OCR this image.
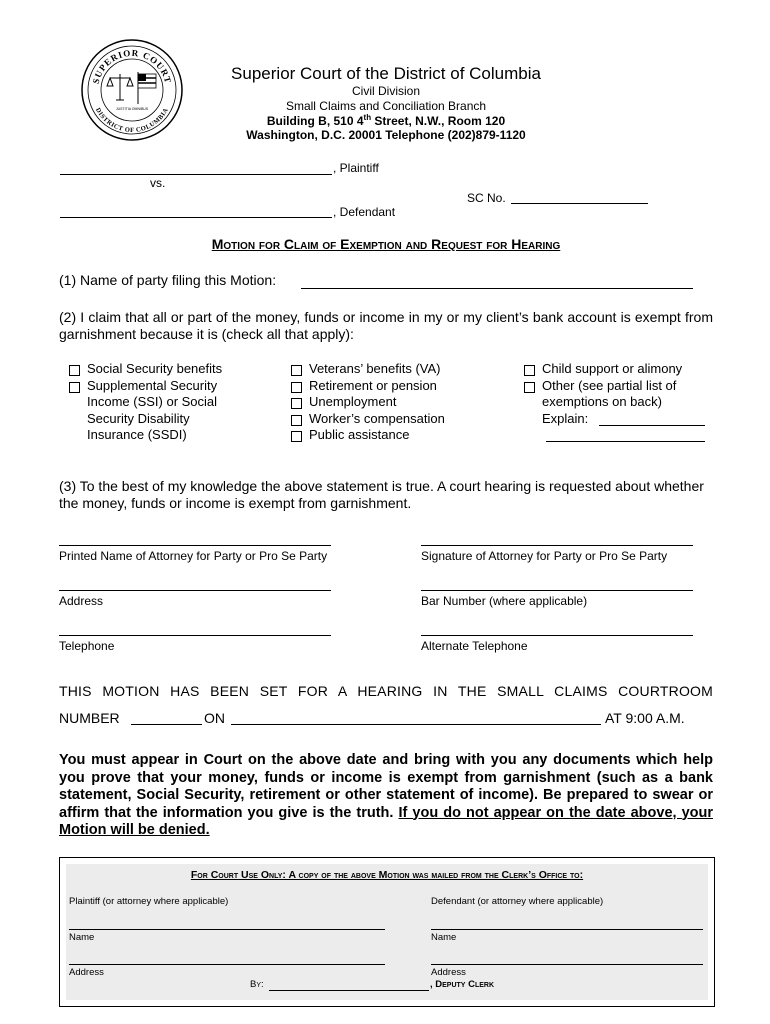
SUPERIOR COURT
DISTRICT OF COLUMBIA
JUSTITIA OMNIBUS
Superior Court of the District of Columbia
Civil Division
Small Claims and Conciliation Branch
Building B, 510 4th Street, N.W., Room 120
Washington, D.C. 20001 Telephone (202)879-1120
, Plaintiff
vs.
SC No.
, Defendant
Motion for Claim of Exemption and Request for Hearing
(1) Name of party filing this Motion:
(2) I claim that all or part of the money, funds or income in my or my client’s bank account is exempt from garnishment because it is (check all that apply):
Social Security benefits
Supplemental Security
Income (SSI) or Social
Security Disability
Insurance (SSDI)
Veterans’ benefits (VA)
Retirement or pension
Unemployment
Worker’s compensation
Public assistance
Child support or alimony
Other (see partial list of
exemptions on back)
Explain:
(3) To the best of my knowledge the above statement is true. A court hearing is requested about whether the money, funds or income is exempt from garnishment.
Printed Name of Attorney for Party or Pro Se Party	Signature of Attorney for Party or Pro Se Party
Address	Bar Number (where applicable)
Telephone	Alternate Telephone
THIS MOTION HAS BEEN SET FOR A HEARING IN THE SMALL CLAIMS COURTROOM
NUMBER	ON	AT 9:00 A.M.
You must appear in Court on the above date and bring with you any documents which help you prove that your money, funds or income is exempt from garnishment (such as a bank statement, Social Security, retirement or other statement of income). Be prepared to swear or affirm that the information you give is the truth. If you do not appear on the date above, your Motion will be denied.
For Court Use Only: A copy of the above Motion was mailed from the Clerk’s Office to:
Plaintiff (or attorney where applicable)	Defendant (or attorney where applicable)
Name	Name
Address	Address
By:	, Deputy Clerk
